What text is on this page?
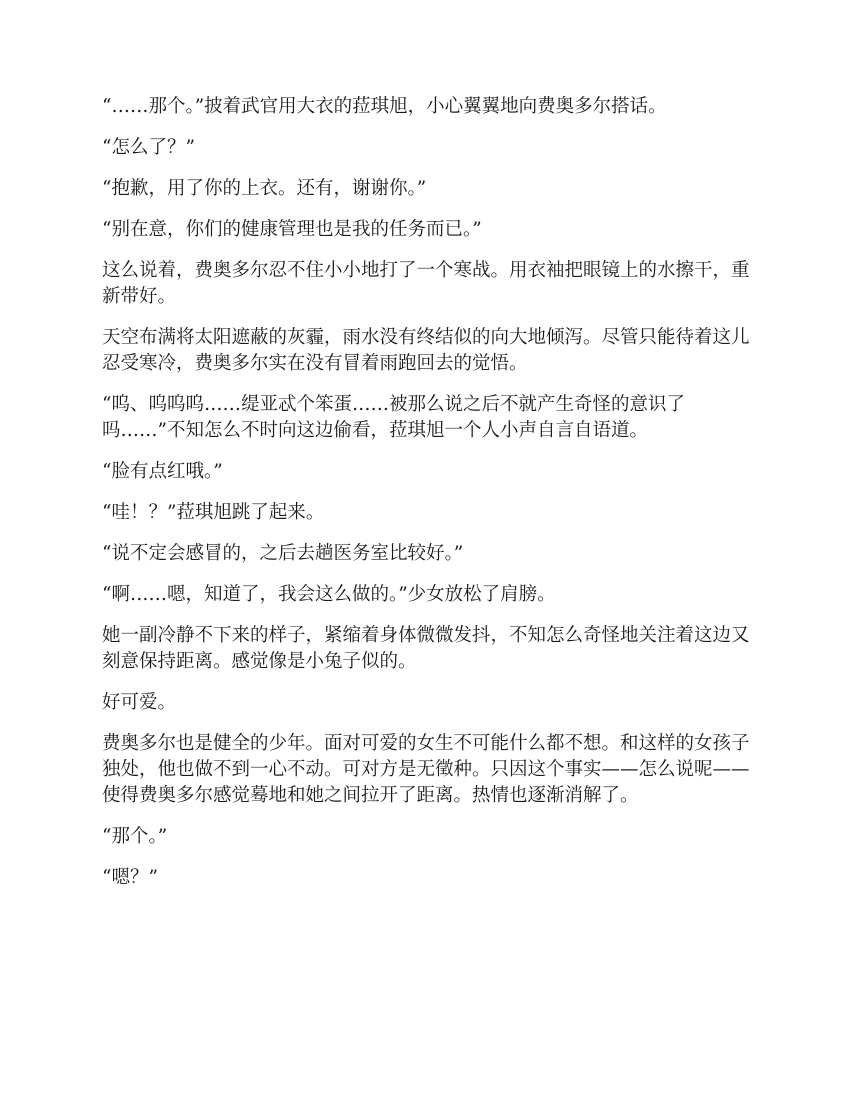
“……那个。”披着武官用大衣的菈琪旭，小心翼翼地向费奥多尔搭话。

“怎么了？”

“抱歉，用了你的上衣。还有，谢谢你。”

“别在意，你们的健康管理也是我的任务而已。”

这么说着，费奥多尔忍不住小小地打了一个寒战。用衣袖把眼镜上的水擦干，重新带好。

天空布满将太阳遮蔽的灰霾，雨水没有终结似的向大地倾泻。尽管只能待着这儿忍受寒冷，费奥多尔实在没有冒着雨跑回去的觉悟。

“呜、呜呜呜……缇亚忒个笨蛋……被那么说之后不就产生奇怪的意识了吗……”不知怎么不时向这边偷看，菈琪旭一个人小声自言自语道。

“脸有点红哦。”

“哇！？”菈琪旭跳了起来。

“说不定会感冒的，之后去趟医务室比较好。”

“啊……嗯，知道了，我会这么做的。”少女放松了肩膀。

她一副冷静不下来的样子，紧缩着身体微微发抖，不知怎么奇怪地关注着这边又刻意保持距离。感觉像是小兔子似的。

好可爱。

费奥多尔也是健全的少年。面对可爱的女生不可能什么都不想。和这样的女孩子独处，他也做不到一心不动。可对方是无徵种。只因这个事实——怎么说呢——使得费奥多尔感觉蓦地和她之间拉开了距离。热情也逐渐消解了。

“那个。”

“嗯？”
